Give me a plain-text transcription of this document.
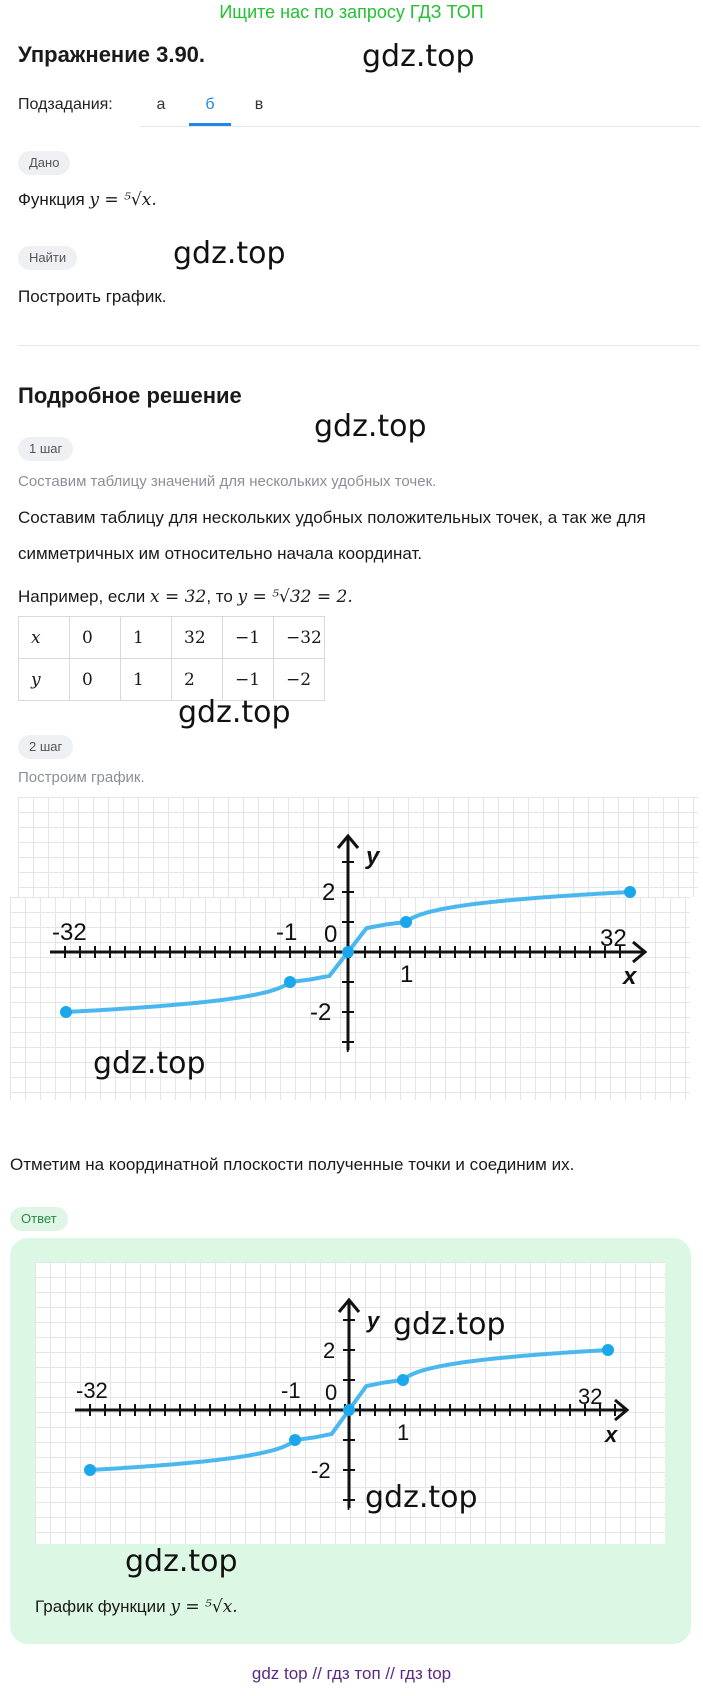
Ищите нас по запросу ГДЗ ТОП
Упражнение 3.90.	gdz.top
Подзадания:	а	б	в
Дано
Функция y = ⁵√x.
Найти	gdz.top
Построить график.
Подробное решение
gdz.top
1 шаг
Составим таблицу значений для нескольких удобных точек.
Составим таблицу для нескольких удобных положительных точек, а так же для
симметричных им относительно начала координат.
Например, если x = 32, то y = ⁵√32 = 2.
x	0	1	32	−1	−32
y	0	1	2	−1	−2
gdz.top
2 шаг
Построим график.
y
x
2
0
-2
-1
1
-32	32
I
gdz.top
Отметим на координатной плоскости полученные точки и соединим их.
Ответ
y
x
2
0
-2
-1
1
-32	32
I
gdz.top
gdz.top
gdz.top
График функции y = ⁵√x.
gdz top // гдз топ // гдз top
